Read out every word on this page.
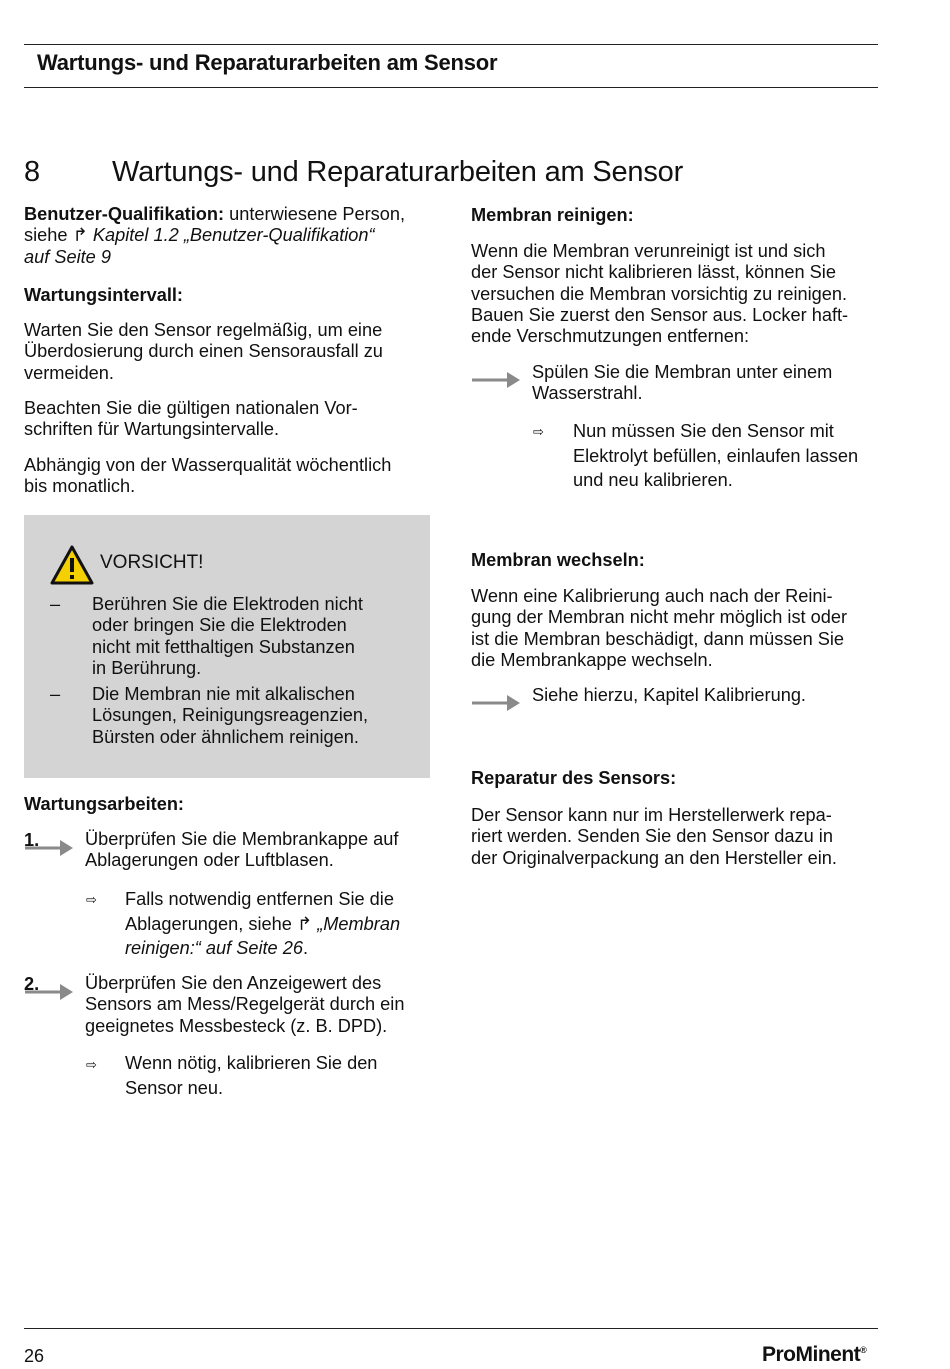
Wartungs- und Reparaturarbeiten am Sensor
8 Wartungs- und Reparaturarbeiten am Sensor
Benutzer-Qualifikation: unterwiesene Person,
siehe ↱ Kapitel 1.2 „Benutzer-Qualifikation“
auf Seite 9
Wartungsintervall:
Warten Sie den Sensor regelmäßig, um eine
Überdosierung durch einen Sensorausfall zu
vermeiden.
Beachten Sie die gültigen nationalen Vor-
schriften für Wartungsintervalle.
Abhängig von der Wasserqualität wöchentlich
bis monatlich.
VORSICHT!
– Berühren Sie die Elektroden nicht
oder bringen Sie die Elektroden
nicht mit fetthaltigen Substanzen
in Berührung.
– Die Membran nie mit alkalischen
Lösungen, Reinigungsreagenzien,
Bürsten oder ähnlichem reinigen.
Wartungsarbeiten:
1.	Überprüfen Sie die Membrankappe auf
Ablagerungen oder Luftblasen.
⇨ Falls notwendig entfernen Sie die
Ablagerungen, siehe ↱ „Membran
reinigen:“ auf Seite 26.
2.	Überprüfen Sie den Anzeigewert des
Sensors am Mess/Regelgerät durch ein
geeignetes Messbesteck (z. B. DPD).
⇨ Wenn nötig, kalibrieren Sie den
Sensor neu.
Membran reinigen:
Wenn die Membran verunreinigt ist und sich
der Sensor nicht kalibrieren lässt, können Sie
versuchen die Membran vorsichtig zu reinigen.
Bauen Sie zuerst den Sensor aus. Locker haft-
ende Verschmutzungen entfernen:
Spülen Sie die Membran unter einem
Wasserstrahl.
⇨ Nun müssen Sie den Sensor mit
Elektrolyt befüllen, einlaufen lassen
und neu kalibrieren.
Membran wechseln:
Wenn eine Kalibrierung auch nach der Reini-
gung der Membran nicht mehr möglich ist oder
ist die Membran beschädigt, dann müssen Sie
die Membrankappe wechseln.
Siehe hierzu, Kapitel Kalibrierung.
Reparatur des Sensors:
Der Sensor kann nur im Herstellerwerk repa-
riert werden. Senden Sie den Sensor dazu in
der Originalverpackung an den Hersteller ein.
26	ProMinent®
